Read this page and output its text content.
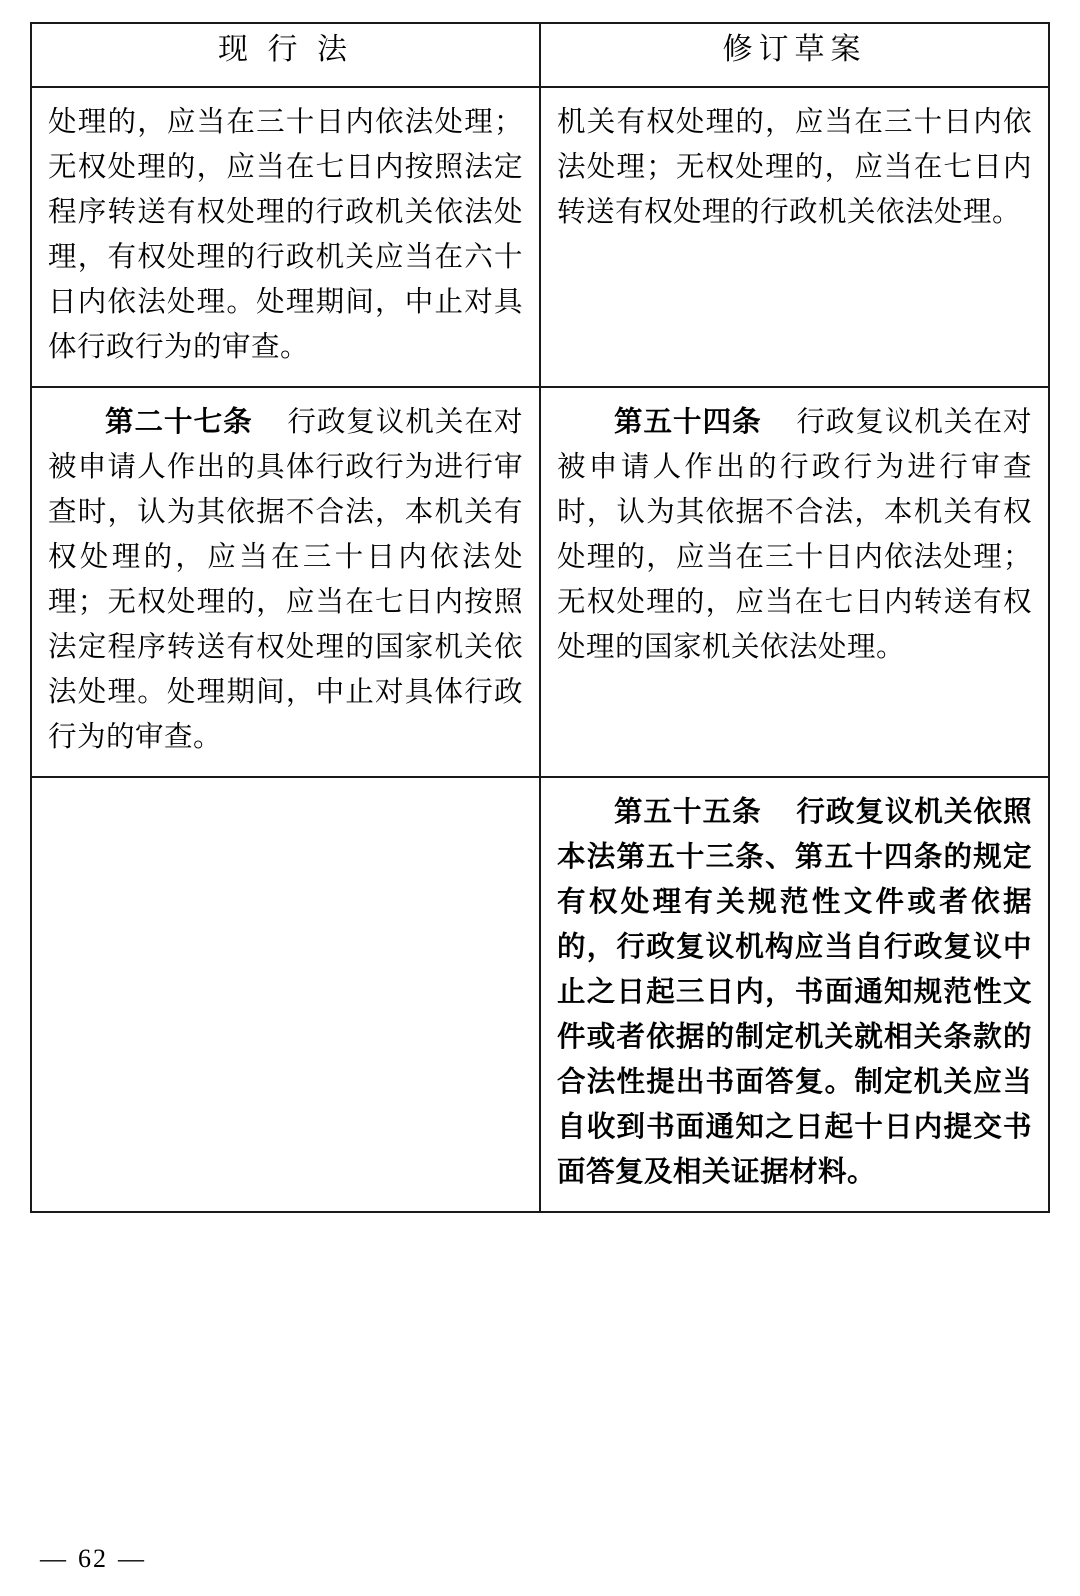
现 行 法	修订草案

处理的，应当在三十日内依法处理；无权处理的，应当在七日内按照法定程序转送有权处理的行政机关依法处理，有权处理的行政机关应当在六十日内依法处理。处理期间，中止对具体行政行为的审查。	机关有权处理的，应当在三十日内依法处理；无权处理的，应当在七日内转送有权处理的行政机关依法处理。

第二十七条 行政复议机关在对被申请人作出的具体行政行为进行审查时，认为其依据不合法，本机关有权处理的，应当在三十日内依法处理；无权处理的，应当在七日内按照法定程序转送有权处理的国家机关依法处理。处理期间，中止对具体行政行为的审查。	第五十四条 行政复议机关在对被申请人作出的行政行为进行审查时，认为其依据不合法，本机关有权处理的，应当在三十日内依法处理；无权处理的，应当在七日内转送有权处理的国家机关依法处理。

	第五十五条 行政复议机关依照本法第五十三条、第五十四条的规定有权处理有关规范性文件或者依据的，行政复议机构应当自行政复议中止之日起三日内，书面通知规范性文件或者依据的制定机关就相关条款的合法性提出书面答复。制定机关应当自收到书面通知之日起十日内提交书面答复及相关证据材料。
— 62 —
